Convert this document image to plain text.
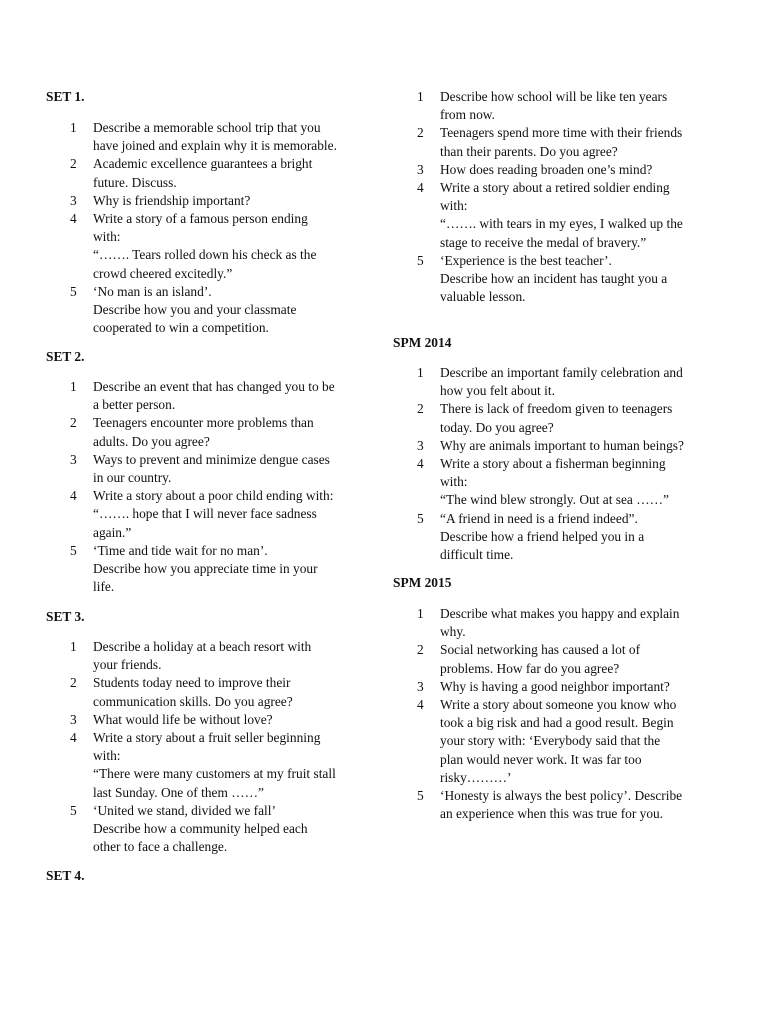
SET 1.
1 Describe a memorable school trip that you
have joined and explain why it is memorable.
2 Academic excellence guarantees a bright
future. Discuss.
3 Why is friendship important?
4 Write a story of a famous person ending
with:
“……. Tears rolled down his check as the
crowd cheered excitedly.”
5 ‘No man is an island’.
Describe how you and your classmate
cooperated to win a competition.
SET 2.
1 Describe an event that has changed you to be
a better person.
2 Teenagers encounter more problems than
adults. Do you agree?
3 Ways to prevent and minimize dengue cases
in our country.
4 Write a story about a poor child ending with:
“……. hope that I will never face sadness
again.”
5 ‘Time and tide wait for no man’.
Describe how you appreciate time in your
life.
SET 3.
1 Describe a holiday at a beach resort with
your friends.
2 Students today need to improve their
communication skills. Do you agree?
3 What would life be without love?
4 Write a story about a fruit seller beginning
with:
“There were many customers at my fruit stall
last Sunday. One of them ……”
5 ‘United we stand, divided we fall’
Describe how a community helped each
other to face a challenge.
SET 4.
1 Describe how school will be like ten years
from now.
2 Teenagers spend more time with their friends
than their parents. Do you agree?
3 How does reading broaden one’s mind?
4 Write a story about a retired soldier ending
with:
“……. with tears in my eyes, I walked up the
stage to receive the medal of bravery.”
5 ‘Experience is the best teacher’.
Describe how an incident has taught you a
valuable lesson.
SPM 2014
1 Describe an important family celebration and
how you felt about it.
2 There is lack of freedom given to teenagers
today. Do you agree?
3 Why are animals important to human beings?
4 Write a story about a fisherman beginning
with:
“The wind blew strongly. Out at sea ……”
5 “A friend in need is a friend indeed”.
Describe how a friend helped you in a
difficult time.
SPM 2015
1 Describe what makes you happy and explain
why.
2 Social networking has caused a lot of
problems. How far do you agree?
3 Why is having a good neighbor important?
4 Write a story about someone you know who
took a big risk and had a good result. Begin
your story with: ‘Everybody said that the
plan would never work. It was far too
risky………’
5 ‘Honesty is always the best policy’. Describe
an experience when this was true for you.
